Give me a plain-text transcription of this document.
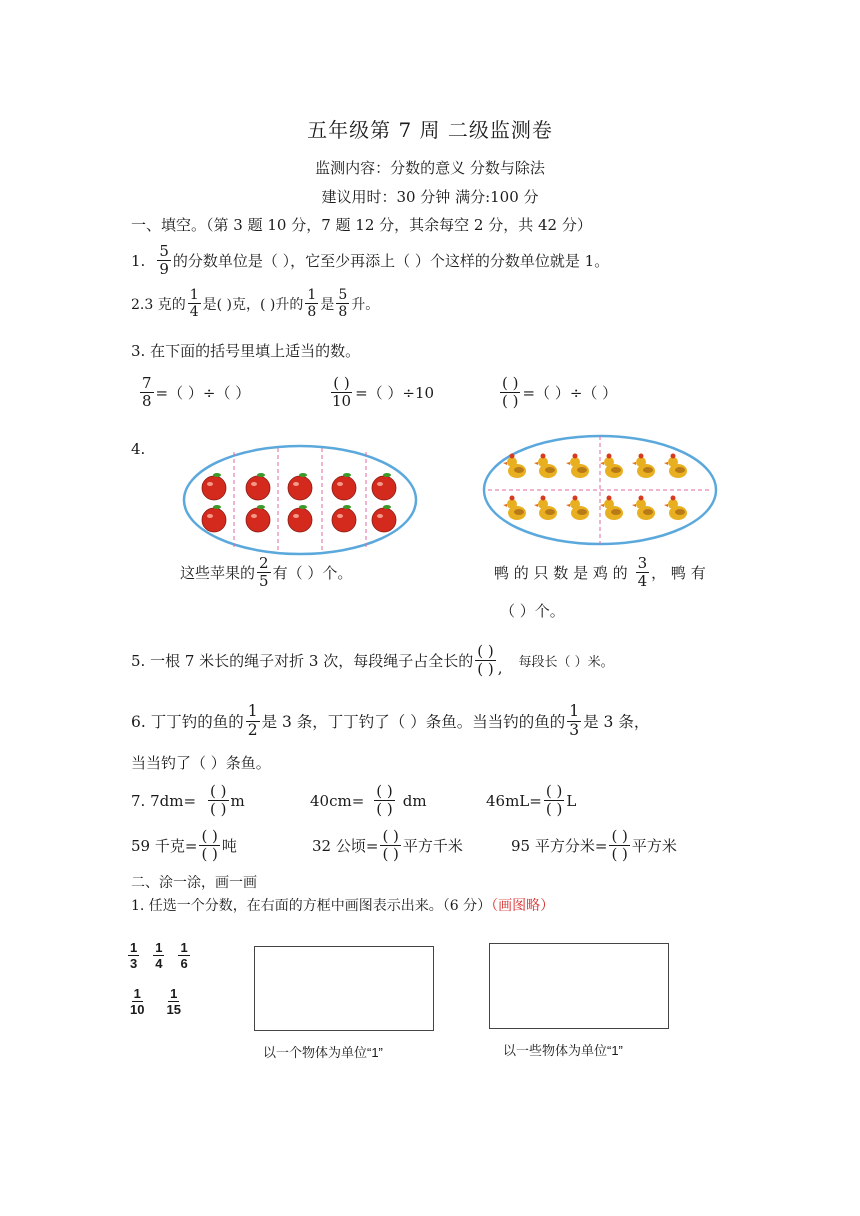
五年级第 7 周 二级监测卷
监测内容：分数的意义 分数与除法
建议用时：30 分钟 满分:100 分
一、填空。（第 3 题 10 分，7 题 12 分，其余每空 2 分，共 42 分）
1. $\frac{5}{9}$ 的分数单位是（ ），它至少再添上（ ）个这样的分数单位就是 1。
2.3 克的 $\frac{1}{4}$ 是( )克，( )升的 $\frac{1}{8}$ 是 $\frac{5}{8}$ 升。
3. 在下面的括号里填上适当的数。
$\frac{7}{8}$ =（ ）÷（ ）	$\frac{( )}{10}$ =（ ）÷10	$\frac{( )}{( )}$ =（ ）÷（ ）
4.
这些苹果的 $\frac{2}{5}$ 有（ ）个。	鸭 的 只 数 是 鸡 的 $\frac{3}{4}$ ， 鸭 有
（ ）个。
5. 一根 7 米长的绳子对折 3 次，每段绳子占全长的 $\frac{( )}{( )}$ , 每段长（ ）米。
6. 丁丁钓的鱼的 $\frac{1}{2}$ 是 3 条，丁丁钓了（ ）条鱼。当当钓的鱼的 $\frac{1}{3}$ 是 3 条，
当当钓了（ ）条鱼。
7. $7dm= \frac{( )}{( )}$ m	$40cm= \frac{( )}{( )}$ dm	$46mL= \frac{( )}{( )}$ L
59 千克= $\frac{( )}{( )}$ 吨	32 公顷= $\frac{( )}{( )}$ 平方千米	95 平方分米= $\frac{( )}{( )}$ 平方米
二、涂一涂，画一画
1. 任选一个分数，在右面的方框中画图表示出来。（6 分）（画图略）
$\frac{1}{3} \frac{1}{4} \frac{1}{6}$
$\frac{1}{10} \frac{1}{15}$
以一个物体为单位“1”	以一些物体为单位“1”
